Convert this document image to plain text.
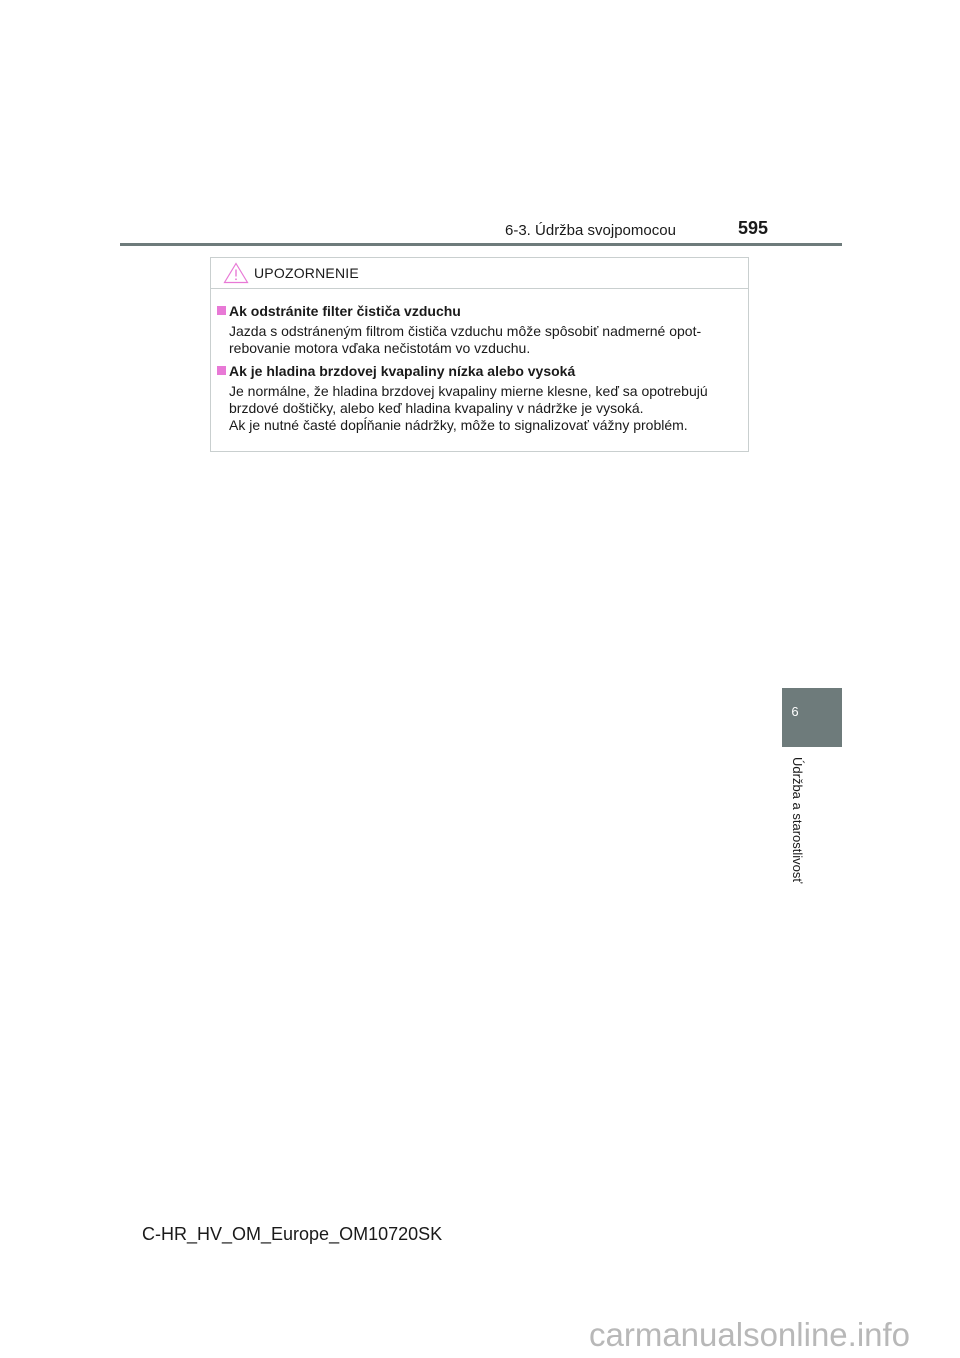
6-3. Údržba svojpomocou	595
UPOZORNENIE
Ak odstránite filter čističa vzduchu

Jazda s odstráneným filtrom čističa vzduchu môže spôsobiť nadmerné opot-

rebovanie motora vďaka nečistotám vo vzduchu.

Ak je hladina brzdovej kvapaliny nízka alebo vysoká

Je normálne, že hladina brzdovej kvapaliny mierne klesne, keď sa opotrebujú

brzdové doštičky, alebo keď hladina kvapaliny v nádržke je vysoká.

Ak je nutné časté dopĺňanie nádržky, môže to signalizovať vážny problém.

6
Údržba a starostlivosť
C-HR_HV_OM_Europe_OM10720SK
carmanualsonline.info
